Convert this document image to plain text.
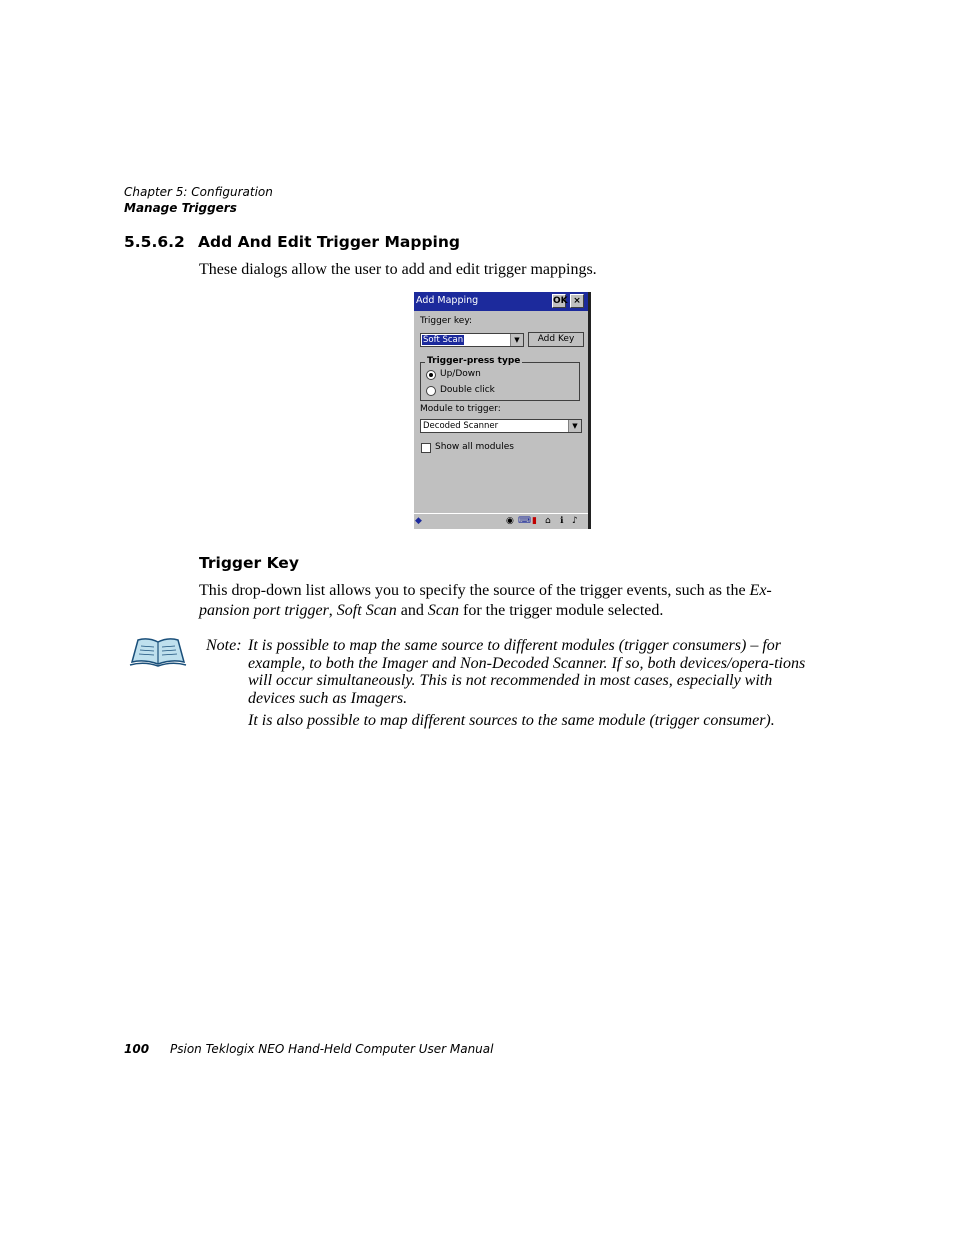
Chapter 5: Configuration
Manage Triggers
5.5.6.2 Add And Edit Trigger Mapping
These dialogs allow the user to add and edit trigger mappings.
Add Mapping	OK ×
Trigger key:
Soft Scan	▼	Add Key
Trigger-press type
Up/Down
Double click
Module to trigger:
Decoded Scanner	▼
Show all modules
◆	◉ ⌨ ▮ ⌂ ℹ ♪
Trigger Key
This drop-down list allows you to specify the source of the trigger events, such as the Ex-pansion port trigger, Soft Scan and Scan for the trigger module selected.
Note: It is possible to map the same source to different modules (trigger consumers) – for example, to both the Imager and Non-Decoded Scanner. If so, both devices/opera-tions will occur simultaneously. This is not recommended in most cases, especially with devices such as Imagers.
It is also possible to map different sources to the same module (trigger consumer).
100 Psion Teklogix NEO Hand-Held Computer User Manual
